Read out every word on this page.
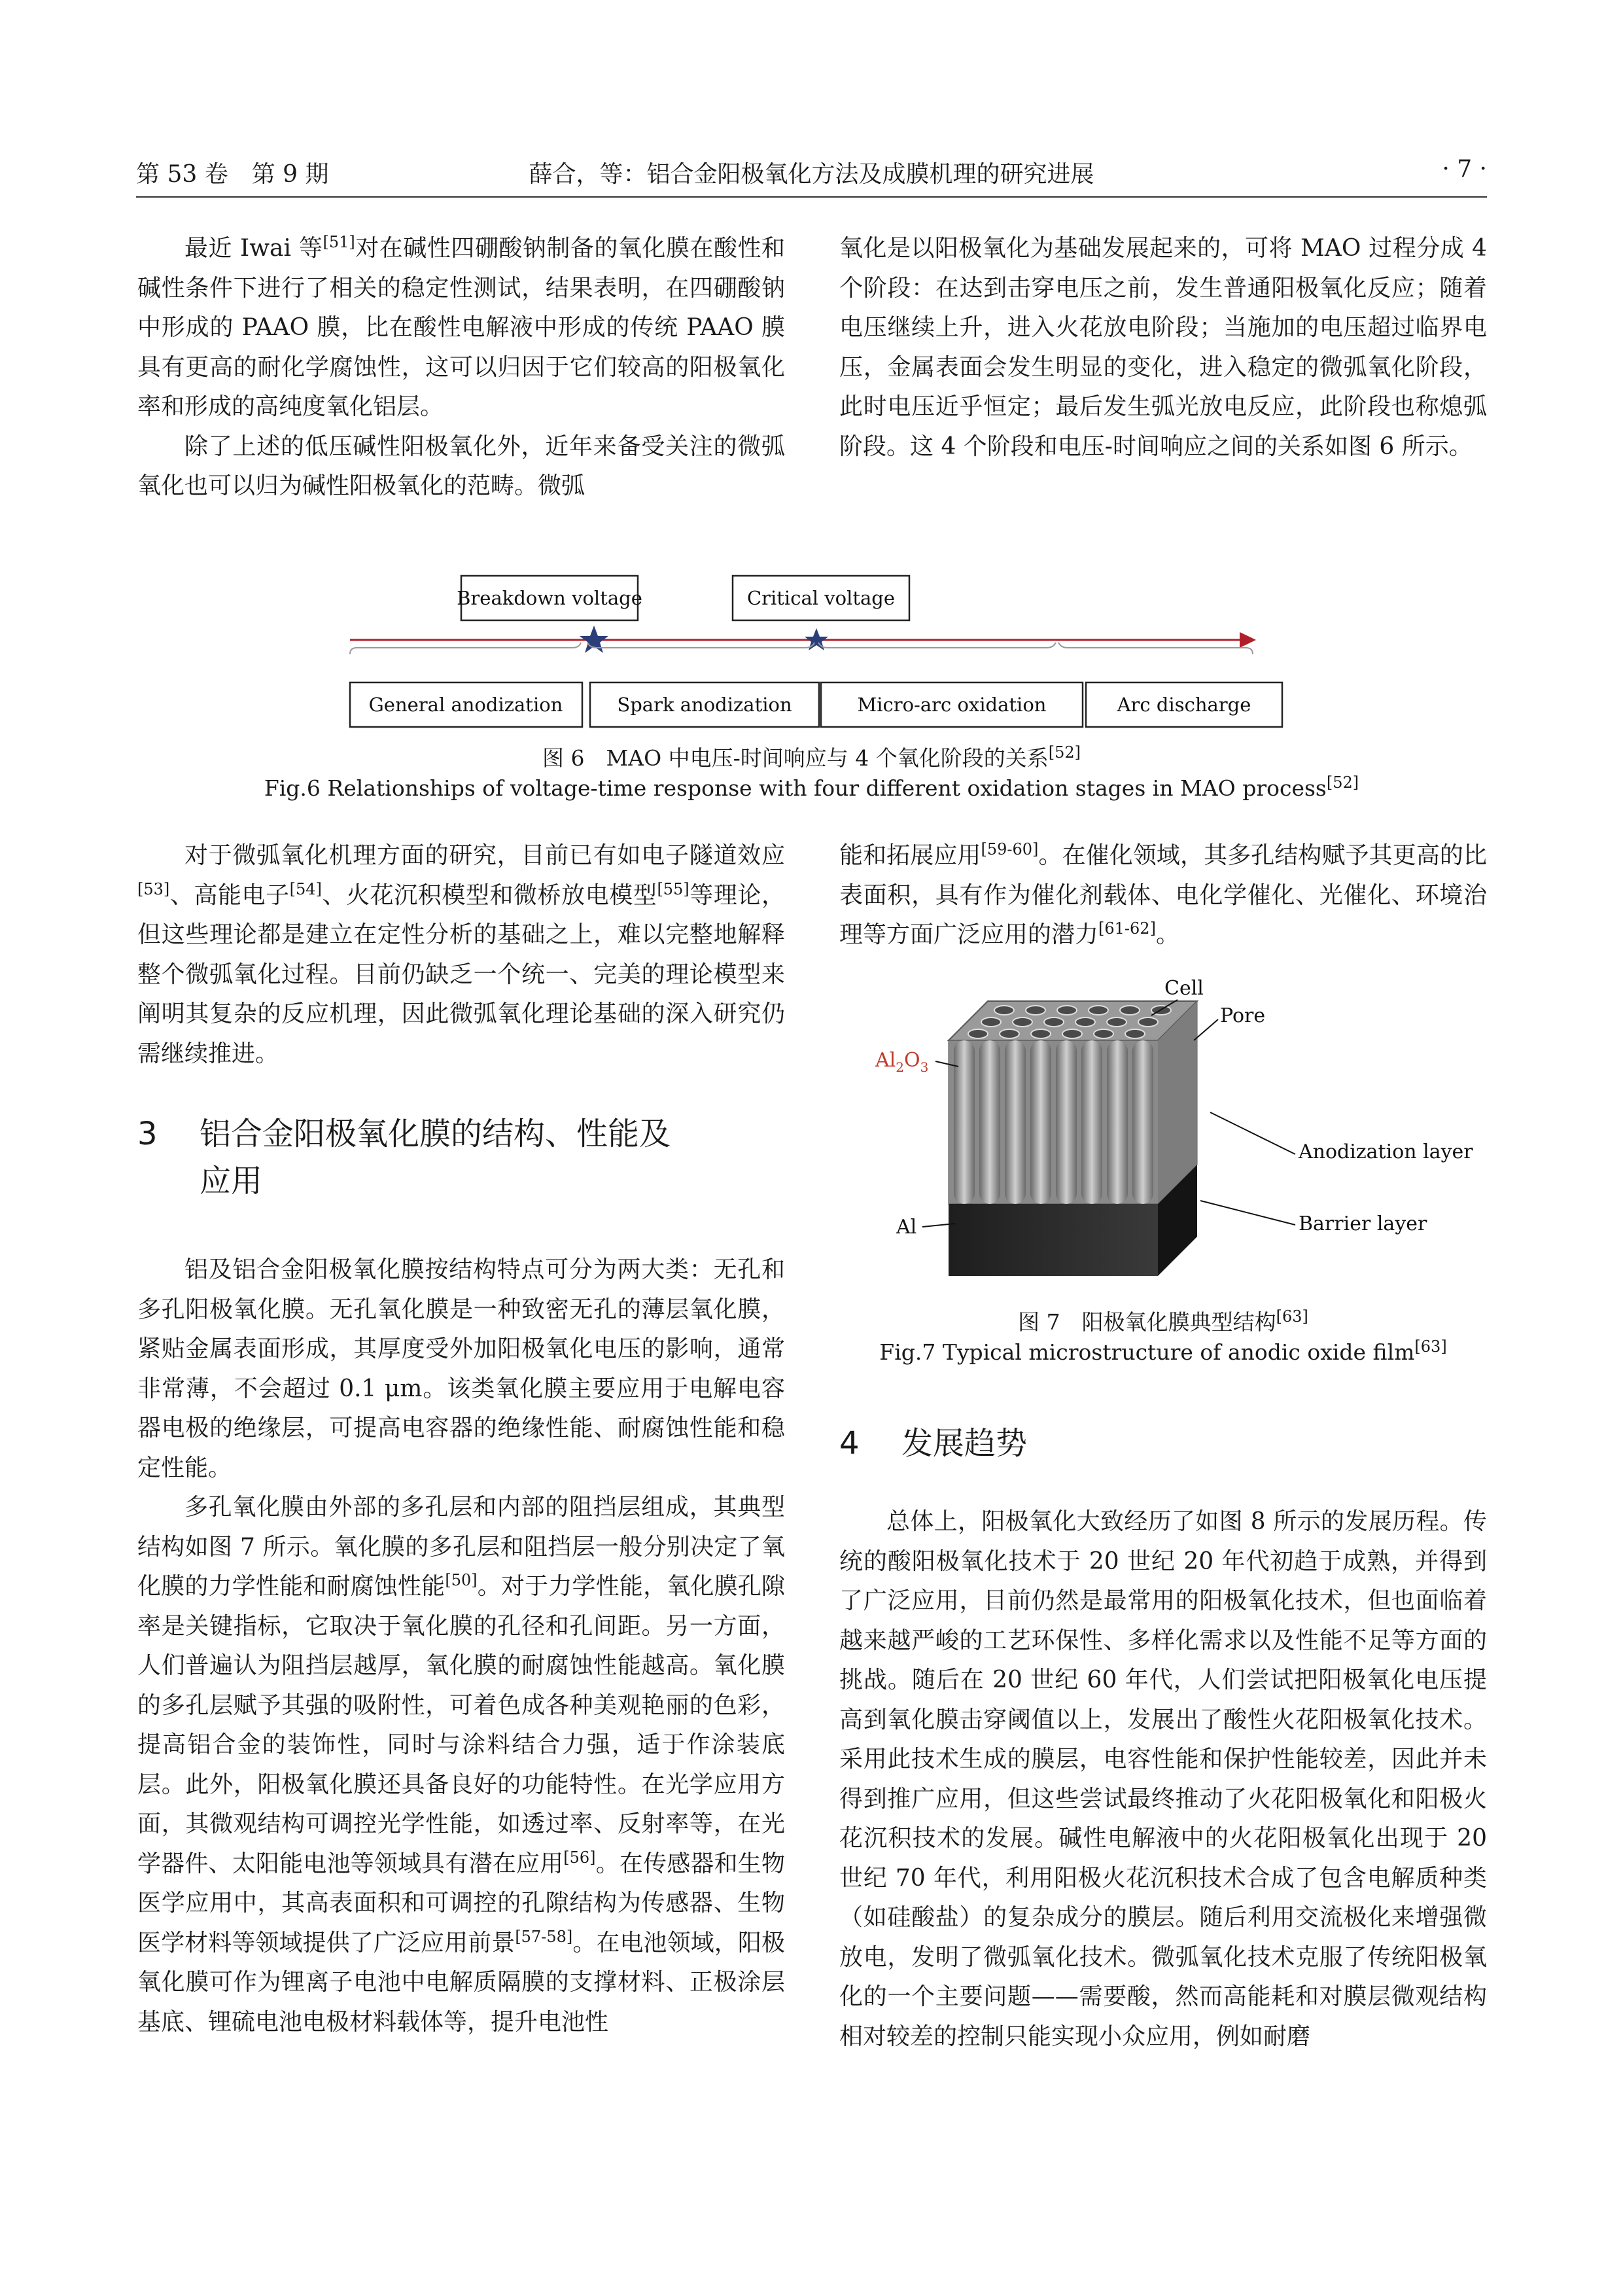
第 53 卷　第 9 期	薛合，等：铝合金阳极氧化方法及成膜机理的研究进展	· 7 ·

最近 Iwai 等[51]对在碱性四硼酸钠制备的氧化膜在酸性和碱性条件下进行了相关的稳定性测试，结果表明，在四硼酸钠中形成的 PAAO 膜，比在酸性电解液中形成的传统 PAAO 膜具有更高的耐化学腐蚀性，这可以归因于它们较高的阳极氧化率和形成的高纯度氧化铝层。

除了上述的低压碱性阳极氧化外，近年来备受关注的微弧氧化也可以归为碱性阳极氧化的范畴。微弧

氧化是以阳极氧化为基础发展起来的，可将 MAO 过程分成 4 个阶段：在达到击穿电压之前，发生普通阳极氧化反应；随着电压继续上升，进入火花放电阶段；当施加的电压超过临界电压，金属表面会发生明显的变化，进入稳定的微弧氧化阶段，此时电压近乎恒定；最后发生弧光放电反应，此阶段也称熄弧阶段。这 4 个阶段和电压-时间响应之间的关系如图 6 所示。

Breakdown voltage	Critical voltage
General anodization	Spark anodization	Micro-arc oxidation	Arc discharge
图 6　MAO 中电压-时间响应与 4 个氧化阶段的关系[52]
Fig.6 Relationships of voltage-time response with four different oxidation stages in MAO process[52]

对于微弧氧化机理方面的研究，目前已有如电子隧道效应[53]、高能电子[54]、火花沉积模型和微桥放电模型[55]等理论，但这些理论都是建立在定性分析的基础之上，难以完整地解释整个微弧氧化过程。目前仍缺乏一个统一、完美的理论模型来阐明其复杂的反应机理，因此微弧氧化理论基础的深入研究仍需继续推进。

3 铝合金阳极氧化膜的结构、性能及
应用

铝及铝合金阳极氧化膜按结构特点可分为两大类：无孔和多孔阳极氧化膜。无孔氧化膜是一种致密无孔的薄层氧化膜，紧贴金属表面形成，其厚度受外加阳极氧化电压的影响，通常非常薄，不会超过 0.1 μm。该类氧化膜主要应用于电解电容器电极的绝缘层，可提高电容器的绝缘性能、耐腐蚀性能和稳定性能。

多孔氧化膜由外部的多孔层和内部的阻挡层组成，其典型结构如图 7 所示。氧化膜的多孔层和阻挡层一般分别决定了氧化膜的力学性能和耐腐蚀性能[50]。对于力学性能，氧化膜孔隙率是关键指标，它取决于氧化膜的孔径和孔间距。另一方面，人们普遍认为阻挡层越厚，氧化膜的耐腐蚀性能越高。氧化膜的多孔层赋予其强的吸附性，可着色成各种美观艳丽的色彩，提高铝合金的装饰性，同时与涂料结合力强，适于作涂装底层。此外，阳极氧化膜还具备良好的功能特性。在光学应用方面，其微观结构可调控光学性能，如透过率、反射率等，在光学器件、太阳能电池等领域具有潜在应用[56]。在传感器和生物医学应用中，其高表面积和可调控的孔隙结构为传感器、生物医学材料等领域提供了广泛应用前景[57-58]。在电池领域，阳极氧化膜可作为锂离子电池中电解质隔膜的支撑材料、正极涂层基底、锂硫电池电极材料载体等，提升电池性

能和拓展应用[59-60]。在催化领域，其多孔结构赋予其更高的比表面积，具有作为催化剂载体、电化学催化、光催化、环境治理等方面广泛应用的潜力[61-62]。

Cell
Pore
$Al_2O_3$
Anodization layer
Al	Barrier layer
图 7　阳极氧化膜典型结构[63]
Fig.7 Typical microstructure of anodic oxide film[63]
4 发展趋势

总体上，阳极氧化大致经历了如图 8 所示的发展历程。传统的酸阳极氧化技术于 20 世纪 20 年代初趋于成熟，并得到了广泛应用，目前仍然是最常用的阳极氧化技术，但也面临着越来越严峻的工艺环保性、多样化需求以及性能不足等方面的挑战。随后在 20 世纪 60 年代，人们尝试把阳极氧化电压提高到氧化膜击穿阈值以上，发展出了酸性火花阳极氧化技术。采用此技术生成的膜层，电容性能和保护性能较差，因此并未得到推广应用，但这些尝试最终推动了火花阳极氧化和阳极火花沉积技术的发展。碱性电解液中的火花阳极氧化出现于 20 世纪 70 年代，利用阳极火花沉积技术合成了包含电解质种类（如硅酸盐）的复杂成分的膜层。随后利用交流极化来增强微放电，发明了微弧氧化技术。微弧氧化技术克服了传统阳极氧化的一个主要问题——需要酸，然而高能耗和对膜层微观结构相对较差的控制只能实现小众应用，例如耐磨
